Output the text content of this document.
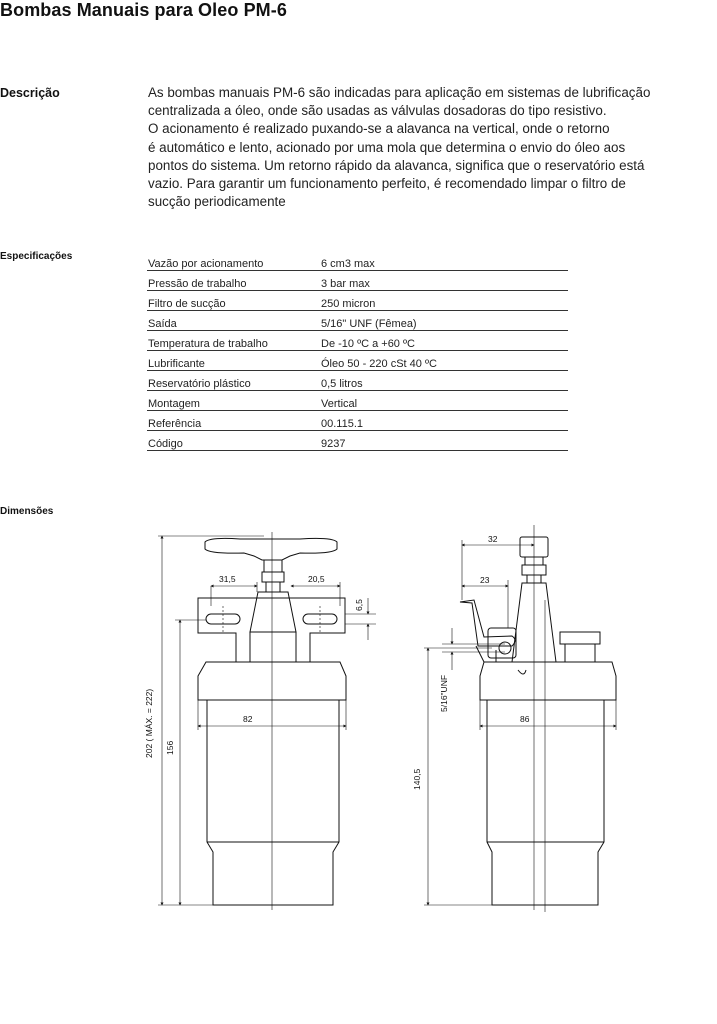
Bombas Manuais para Oleo PM-6
Descrição	As bombas manuais PM-6 são indicadas para aplicação em sistemas de lubrificação

centralizada a óleo, onde são usadas as válvulas dosadoras do tipo resistivo.

O acionamento é realizado puxando-se a alavanca na vertical, onde o retorno

é automático e lento, acionado por uma mola que determina o envio do óleo aos

pontos do sistema. Um retorno rápido da alavanca, significa que o reservatório está

vazio. Para garantir um funcionamento perfeito, é recomendado limpar o filtro de

sucção periodicamente

Especificações
Vazão por acionamento	6 cm3 max
Pressão de trabalho	3 bar max
Filtro de sucção	250 micron
Saída	5/16" UNF (Fêmea)
Temperatura de trabalho	De -10 ºC a +60 ºC
Lubrificante	Óleo 50 - 220 cSt 40 ºC
Reservatório plástico	0,5 litros
Montagem	Vertical
Referência	00.115.1
Código	9237
Dimensões
31,5	20,5
6,5
82
202 ( MÁX. = 222) 156
32
23
5/16"UNF
86
140,5
